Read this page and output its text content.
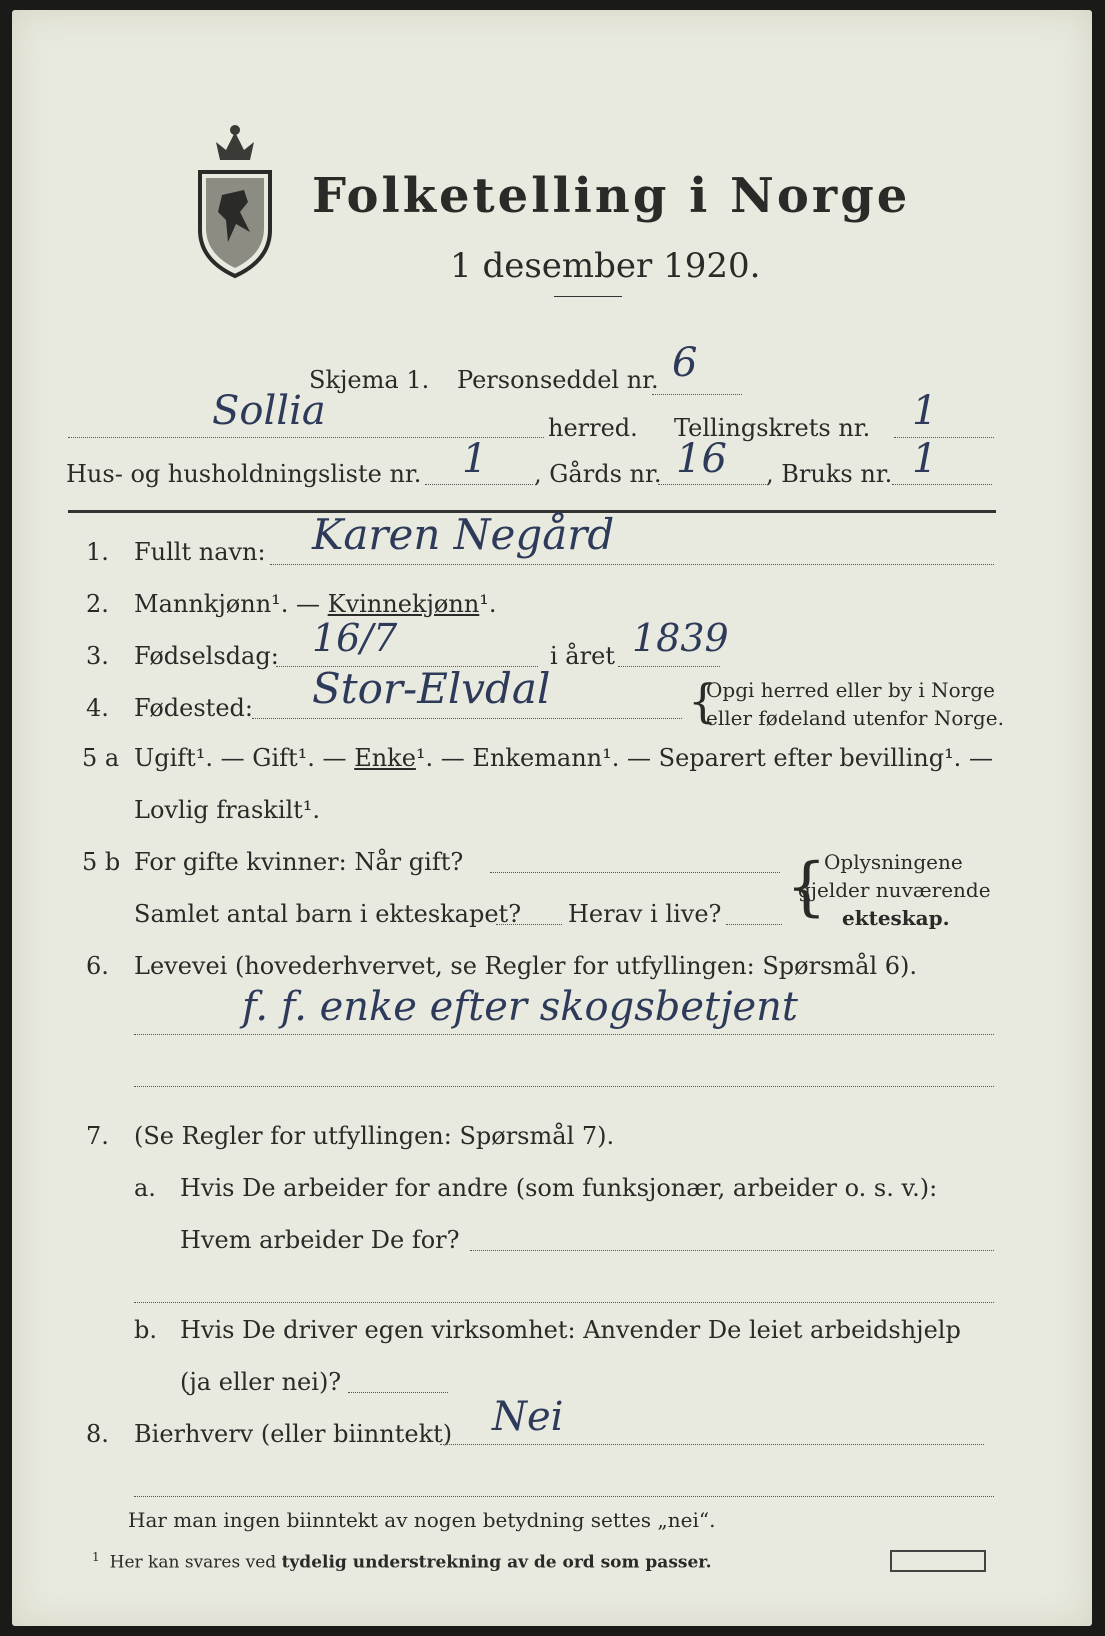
Folketelling i Norge
1 desember 1920.
Skjema 1. Personseddel nr. 6
Sollia	herred. Tellingskrets nr. 1
Hus- og husholdningsliste nr. 1 , Gårds nr. 16 , Bruks nr. 1
1. Fullt navn: Karen Negård
2. Mannkjønn¹. — Kvinnekjønn¹.
3. Fødselsdag: 16/7	i året 1839
4. Fødested: Stor-Elvdal	{
Opgi herred eller by i Norge
eller fødeland utenfor Norge.
5 a Ugift¹. — Gift¹. — Enke¹. — Enkemann¹. — Separert efter bevilling¹. —
Lovlig fraskilt¹.
5 b For gifte kvinner: Når gift?
Samlet antal barn i ekteskapet? Herav i live? {
Oplysningene
gjelder nuværende
ekteskap.
6. Levevei (hovederhvervet, se Regler for utfyllingen: Spørsmål 6).
f. f. enke efter skogsbetjent
7. (Se Regler for utfyllingen: Spørsmål 7).
a. Hvis De arbeider for andre (som funksjonær, arbeider o. s. v.):
Hvem arbeider De for?
b. Hvis De driver egen virksomhet: Anvender De leiet arbeidshjelp
(ja eller nei)?
8. Bierhverv (eller biinntekt) Nei
Har man ingen biinntekt av nogen betydning settes „nei“.
$^1$ Her kan svares ved tydelig understrekning av de ord som passer.
